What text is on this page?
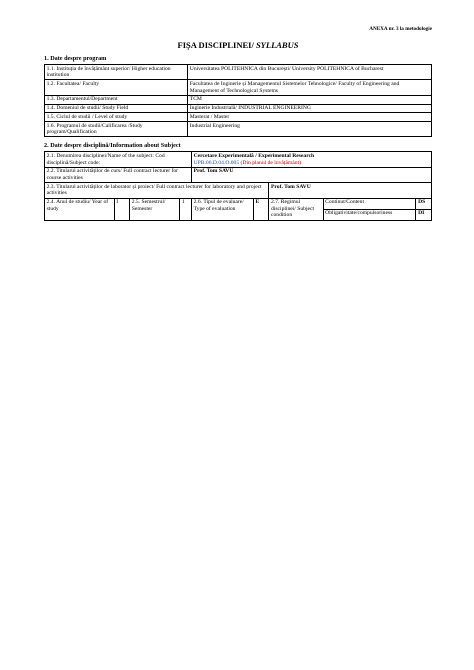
ANEXA nr. 3 la metodologie
FIȘA DISCIPLINEI/ SYLLABUS
1. Date despre program
1.1. Instituția de învățământ superior/ Higher education institution	Universitatea POLITEHNICA din București/ University POLITEHNICA of Bucharest
1.2. Facultatea/ Faculty	Facultatea de Inginerie și Managementul Sistemelor Tehnologice/ Faculty of Engineering and Management of Technological Systems
1.3. Departamentul/Department	TCM
1.4. Domeniul de studii/ Study Field	Inginerie Industrială/ INDUSTRIAL ENGINEERING
1.5. Ciclul de studii / Level of study	Masterat / Master
1.6. Programul de studii/Calificarea /Study program/Qualification	Industrial Engineering
2. Date despre disciplină/Information about Subject
2.1. Denumirea disciplinei/Name of the subject: Cod disciplină/Subject code:				Cercetare Experimentală / Experimental Research
UPB.06.D.04.O.005 (Din planul de învățământ)				

2.2. Titularul activităților de curs/ Full contract lecturer for course activities				Prof. Tom SAVU				
2.3. Titularul activităților de laborator și proiect/ Full contract lecturer for laboratory and project activities						Prof. Tom SAVU		
2.4. Anul de studiu/ Year of study	I	2.5. Semestrul/ Semester	1	2.6. Tipul de evaluare/ Type of evaluation	E	2.7. Regimul disciplinei/ Subject condition	Continut/Content	DS
							Obligativitate/compulsoriness	DI
